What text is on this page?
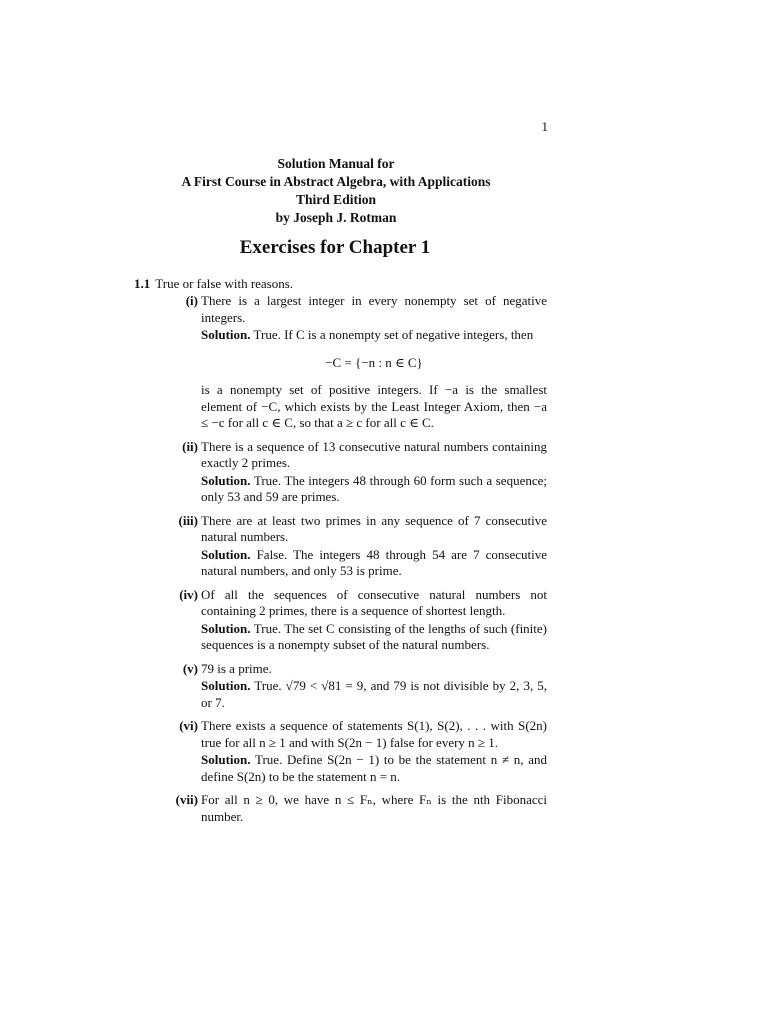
1
Solution Manual for
A First Course in Abstract Algebra, with Applications
Third Edition
by Joseph J. Rotman
Exercises for Chapter 1
1.1 True or false with reasons.
(i) There is a largest integer in every nonempty set of negative integers.

Solution. True. If C is a nonempty set of negative integers, then

−C = {−n : n ∈ C}

is a nonempty set of positive integers. If −a is the smallest element of −C, which exists by the Least Integer Axiom, then −a ≤ −c for all c ∈ C, so that a ≥ c for all c ∈ C.

(ii) There is a sequence of 13 consecutive natural numbers containing exactly 2 primes.

Solution. True. The integers 48 through 60 form such a sequence; only 53 and 59 are primes.

(iii) There are at least two primes in any sequence of 7 consecutive natural numbers.

Solution. False. The integers 48 through 54 are 7 consecutive natural numbers, and only 53 is prime.

(iv) Of all the sequences of consecutive natural numbers not containing 2 primes, there is a sequence of shortest length.

Solution. True. The set C consisting of the lengths of such (finite) sequences is a nonempty subset of the natural numbers.

(v) 79 is a prime.

Solution. True. √79 < √81 = 9, and 79 is not divisible by 2, 3, 5, or 7.

(vi) There exists a sequence of statements S(1), S(2), . . . with S(2n) true for all n ≥ 1 and with S(2n − 1) false for every n ≥ 1.

Solution. True. Define S(2n − 1) to be the statement n ≠ n, and define S(2n) to be the statement n = n.

(vii) For all n ≥ 0, we have n ≤ Fₙ, where Fₙ is the nth Fibonacci number.
